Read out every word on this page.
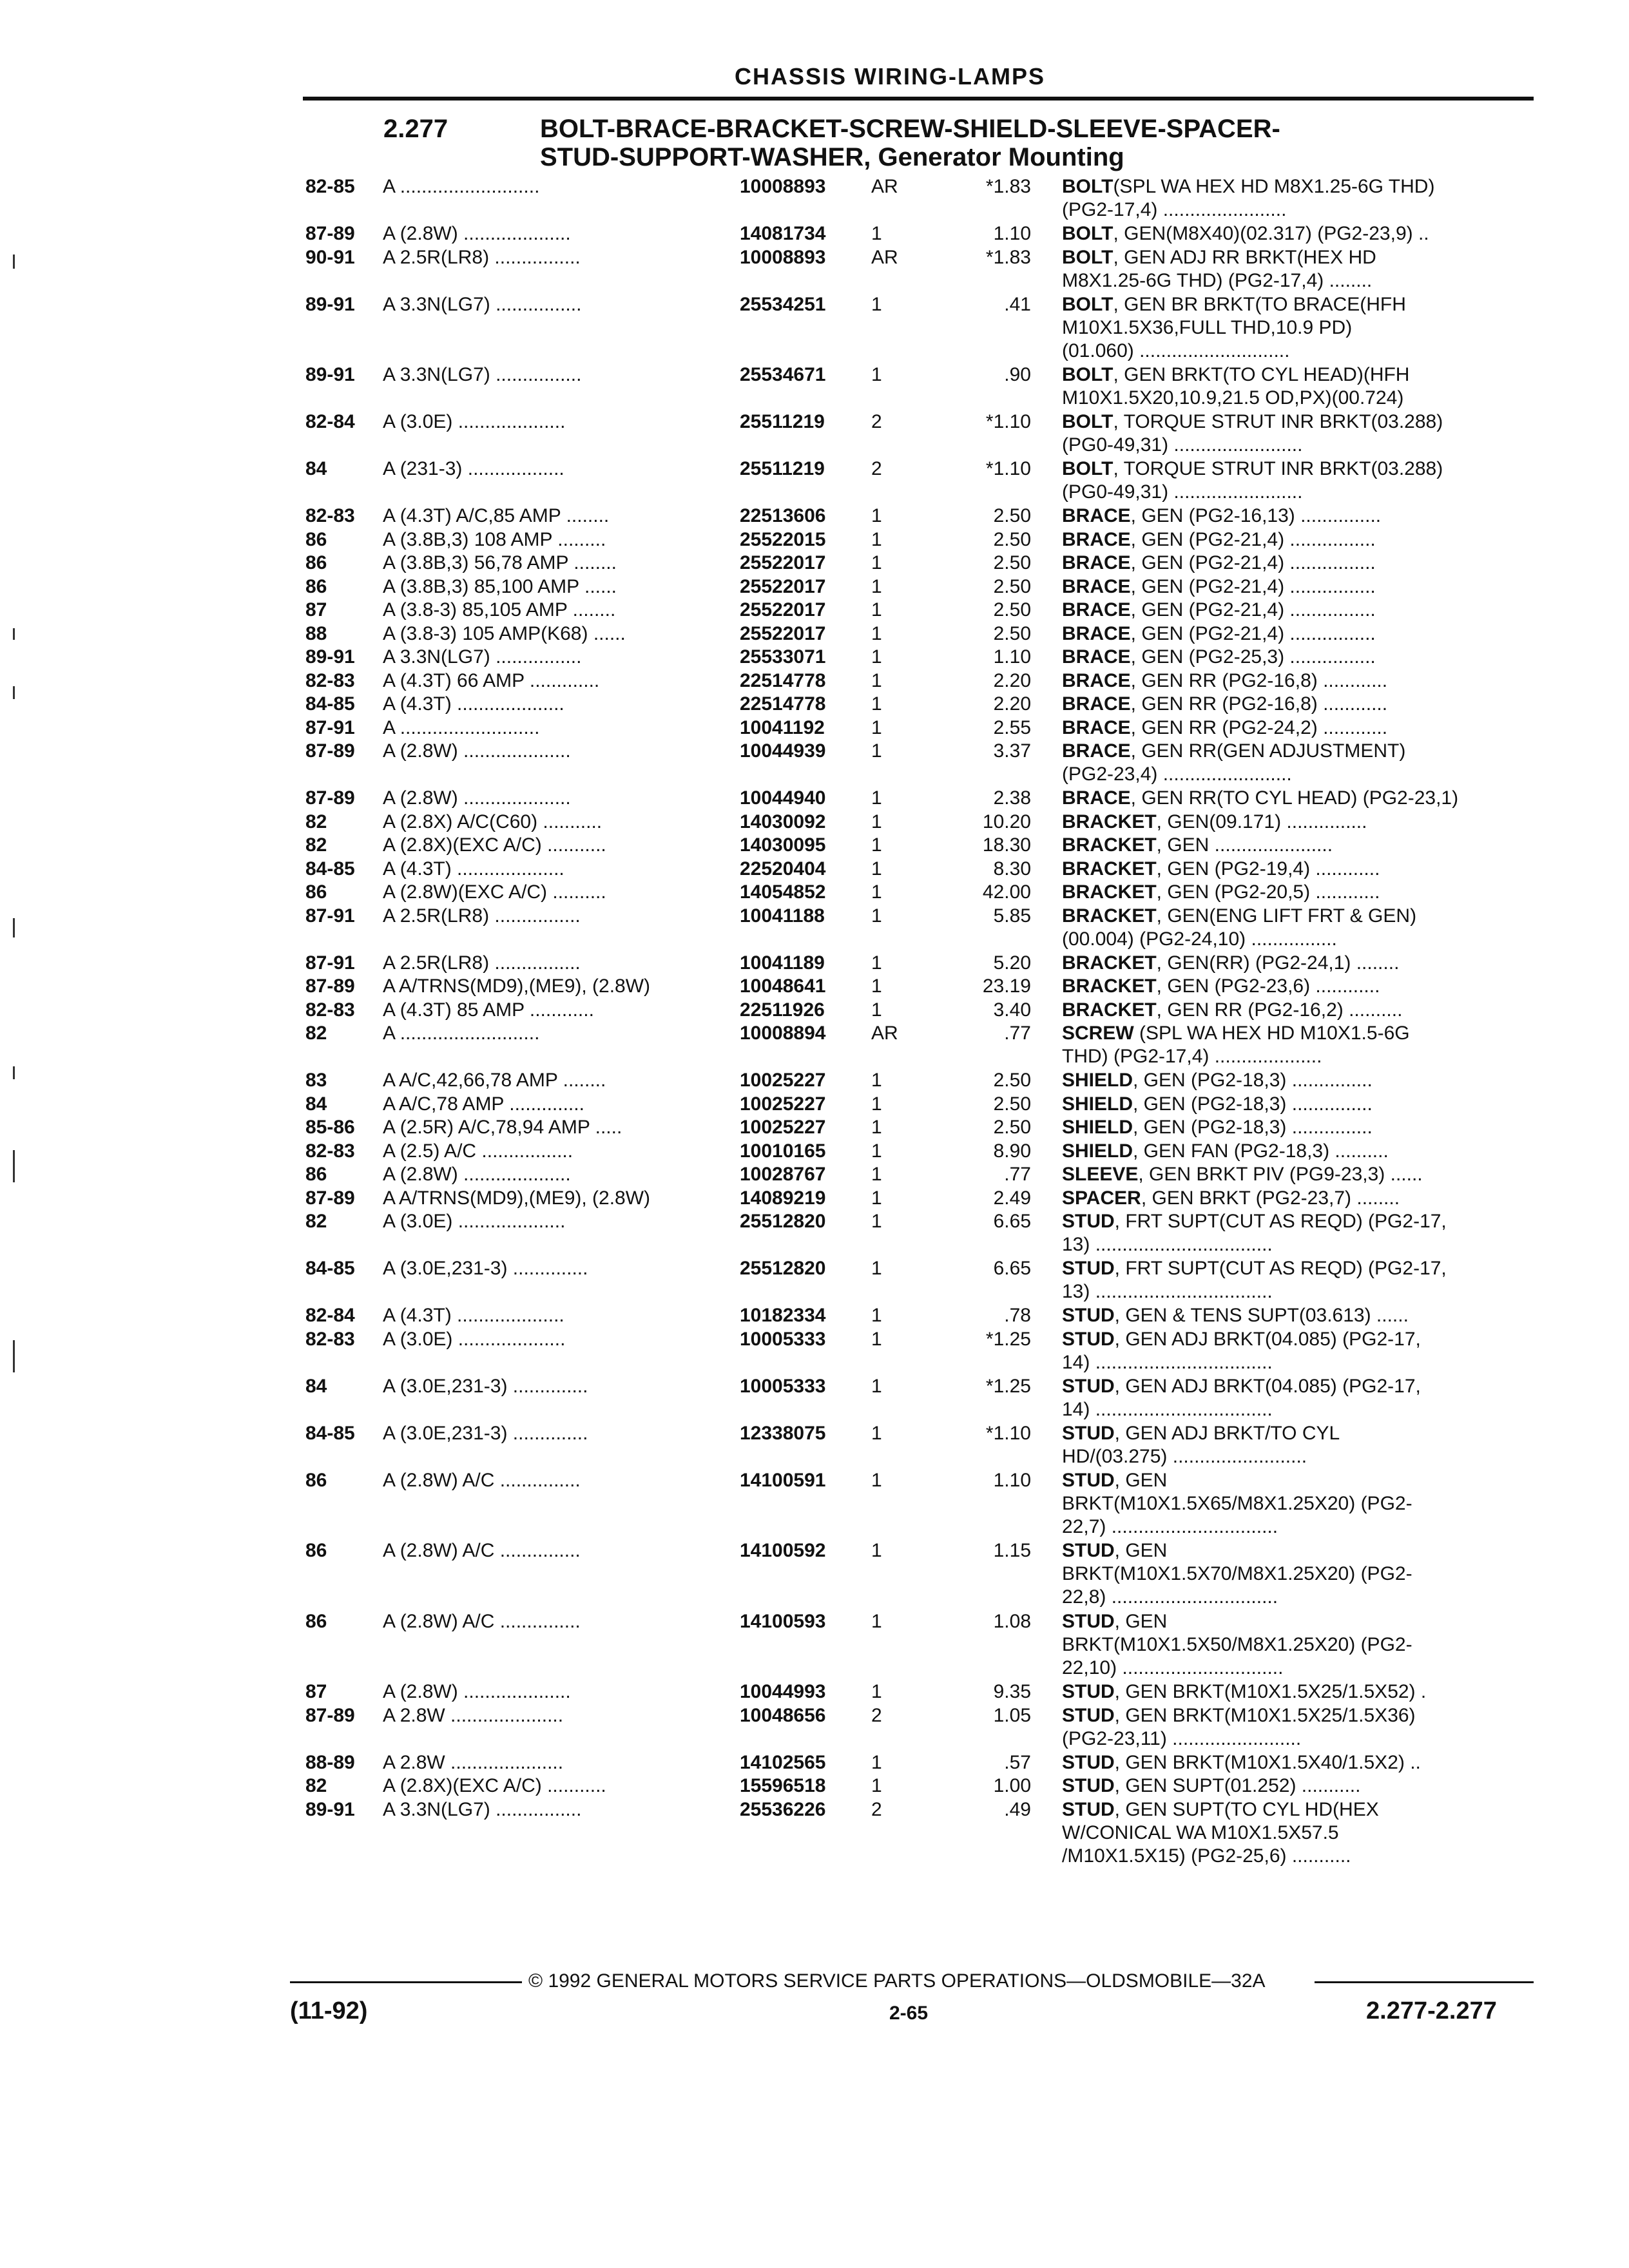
CHASSIS WIRING-LAMPS
2.277	BOLT-BRACE-BRACKET-SCREW-SHIELD-SLEEVE-SPACER-
STUD-SUPPORT-WASHER, Generator Mounting
82-85	A ..........................	10008893	AR	*1.83 BOLT(SPL WA HEX HD M8X1.25-6G THD)
(PG2-17,4) .......................
87-89	A (2.8W) ....................	14081734	1	1.10 BOLT, GEN(M8X40)(02.317) (PG2-23,9) ..
90-91	A 2.5R(LR8) ................	10008893	AR	*1.83 BOLT, GEN ADJ RR BRKT(HEX HD
M8X1.25-6G THD) (PG2-17,4) ........
89-91	A 3.3N(LG7) ................	25534251	1	.41 BOLT, GEN BR BRKT(TO BRACE(HFH
M10X1.5X36,FULL THD,10.9 PD)
(01.060) ............................
89-91	A 3.3N(LG7) ................	25534671	1	.90 BOLT, GEN BRKT(TO CYL HEAD)(HFH
M10X1.5X20,10.9,21.5 OD,PX)(00.724)
82-84	A (3.0E) ....................	25511219	2	*1.10 BOLT, TORQUE STRUT INR BRKT(03.288)
(PG0-49,31) ........................
84	A (231-3) ..................	25511219	2	*1.10 BOLT, TORQUE STRUT INR BRKT(03.288)
(PG0-49,31) ........................
82-83	A (4.3T) A/C,85 AMP ........	22513606	1	2.50 BRACE, GEN (PG2-16,13) ...............
86	A (3.8B,3) 108 AMP .........	25522015	1	2.50 BRACE, GEN (PG2-21,4) ................
86	A (3.8B,3) 56,78 AMP ........	25522017	1	2.50 BRACE, GEN (PG2-21,4) ................
86	A (3.8B,3) 85,100 AMP ......	25522017	1	2.50 BRACE, GEN (PG2-21,4) ................
87	A (3.8-3) 85,105 AMP ........	25522017	1	2.50 BRACE, GEN (PG2-21,4) ................
88	A (3.8-3) 105 AMP(K68) ......	25522017	1	2.50 BRACE, GEN (PG2-21,4) ................
89-91	A 3.3N(LG7) ................	25533071	1	1.10 BRACE, GEN (PG2-25,3) ................
82-83	A (4.3T) 66 AMP .............	22514778	1	2.20 BRACE, GEN RR (PG2-16,8) ............
84-85	A (4.3T) ....................	22514778	1	2.20 BRACE, GEN RR (PG2-16,8) ............
87-91	A ..........................	10041192	1	2.55 BRACE, GEN RR (PG2-24,2) ............
87-89	A (2.8W) ....................	10044939	1	3.37 BRACE, GEN RR(GEN ADJUSTMENT)
(PG2-23,4) ........................
87-89	A (2.8W) ....................	10044940	1	2.38 BRACE, GEN RR(TO CYL HEAD) (PG2-23,1)
82	A (2.8X) A/C(C60) ...........	14030092	1	10.20 BRACKET, GEN(09.171) ...............
82	A (2.8X)(EXC A/C) ...........	14030095	1	18.30 BRACKET, GEN ......................
84-85	A (4.3T) ....................	22520404	1	8.30 BRACKET, GEN (PG2-19,4) ............
86	A (2.8W)(EXC A/C) ..........	14054852	1	42.00 BRACKET, GEN (PG2-20,5) ............
87-91	A 2.5R(LR8) ................	10041188	1	5.85 BRACKET, GEN(ENG LIFT FRT & GEN)
(00.004) (PG2-24,10) ................
87-91	A 2.5R(LR8) ................	10041189	1	5.20 BRACKET, GEN(RR) (PG2-24,1) ........
87-89	A A/TRNS(MD9),(ME9), (2.8W)	10048641	1	23.19 BRACKET, GEN (PG2-23,6) ............
82-83	A (4.3T) 85 AMP ............	22511926	1	3.40 BRACKET, GEN RR (PG2-16,2) ..........
82	A ..........................	10008894	AR	.77 SCREW (SPL WA HEX HD M10X1.5-6G
THD) (PG2-17,4) ....................
83	A A/C,42,66,78 AMP ........	10025227	1	2.50 SHIELD, GEN (PG2-18,3) ...............
84	A A/C,78 AMP ..............	10025227	1	2.50 SHIELD, GEN (PG2-18,3) ...............
85-86	A (2.5R) A/C,78,94 AMP .....	10025227	1	2.50 SHIELD, GEN (PG2-18,3) ...............
82-83	A (2.5) A/C .................	10010165	1	8.90 SHIELD, GEN FAN (PG2-18,3) ..........
86	A (2.8W) ....................	10028767	1	.77 SLEEVE, GEN BRKT PIV (PG9-23,3) ......
87-89	A A/TRNS(MD9),(ME9), (2.8W)	14089219	1	2.49 SPACER, GEN BRKT (PG2-23,7) ........
82	A (3.0E) ....................	25512820	1	6.65 STUD, FRT SUPT(CUT AS REQD) (PG2-17,
13) .................................
84-85	A (3.0E,231-3) ..............	25512820	1	6.65 STUD, FRT SUPT(CUT AS REQD) (PG2-17,
13) .................................
82-84	A (4.3T) ....................	10182334	1	.78 STUD, GEN & TENS SUPT(03.613) ......
82-83	A (3.0E) ....................	10005333	1	*1.25 STUD, GEN ADJ BRKT(04.085) (PG2-17,
14) .................................
84	A (3.0E,231-3) ..............	10005333	1	*1.25 STUD, GEN ADJ BRKT(04.085) (PG2-17,
14) .................................
84-85	A (3.0E,231-3) ..............	12338075	1	*1.10 STUD, GEN ADJ BRKT/TO CYL
HD/(03.275) .........................
86	A (2.8W) A/C ...............	14100591	1	1.10 STUD, GEN
BRKT(M10X1.5X65/M8X1.25X20) (PG2-
22,7) ...............................
86	A (2.8W) A/C ...............	14100592	1	1.15 STUD, GEN
BRKT(M10X1.5X70/M8X1.25X20) (PG2-
22,8) ...............................
86	A (2.8W) A/C ...............	14100593	1	1.08 STUD, GEN
BRKT(M10X1.5X50/M8X1.25X20) (PG2-
22,10) ..............................
87	A (2.8W) ....................	10044993	1	9.35 STUD, GEN BRKT(M10X1.5X25/1.5X52) .
87-89	A 2.8W .....................	10048656	2	1.05 STUD, GEN BRKT(M10X1.5X25/1.5X36)
(PG2-23,11) ........................
88-89	A 2.8W .....................	14102565	1	.57 STUD, GEN BRKT(M10X1.5X40/1.5X2) ..
82	A (2.8X)(EXC A/C) ...........	15596518	1	1.00 STUD, GEN SUPT(01.252) ...........
89-91	A 3.3N(LG7) ................	25536226	2	.49 STUD, GEN SUPT(TO CYL HD(HEX
W/CONICAL WA M10X1.5X57.5
/M10X1.5X15) (PG2-25,6) ...........
© 1992 GENERAL MOTORS SERVICE PARTS OPERATIONS—OLDSMOBILE—32A
(11-92)	2-65	2.277-2.277
